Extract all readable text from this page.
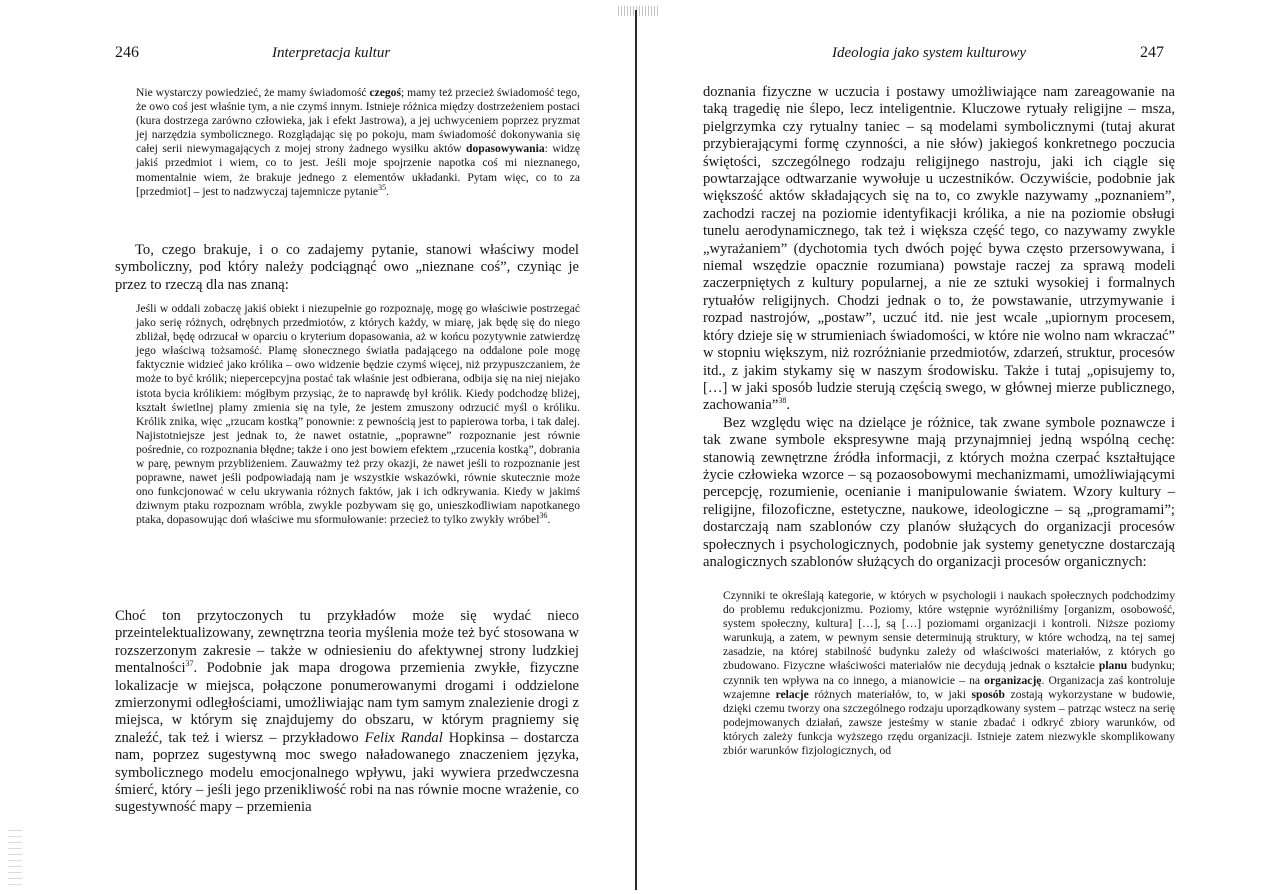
246	Interpretacja kultur

Nie wystarczy powiedzieć, że mamy świadomość czegoś; mamy też przecież świadomość tego, że owo coś jest właśnie tym, a nie czymś innym. Istnieje różnica między dostrzeżeniem postaci (kura dostrzega zarówno człowieka, jak i efekt Jastrowa), a jej uchwyceniem poprzez pryzmat jej narzędzia symbolicznego. Rozglądając się po pokoju, mam świadomość dokonywania się całej serii niewymagających z mojej strony żadnego wysiłku aktów dopasowywania: widzę jakiś przedmiot i wiem, co to jest. Jeśli moje spojrzenie napotka coś mi nieznanego, momentalnie wiem, że brakuje jednego z elementów układanki. Pytam więc, co to za [przedmiot] – jest to nadzwyczaj tajemnicze pytanie$^{35}$.

To, czego brakuje, i o co zadajemy pytanie, stanowi właściwy model symboliczny, pod który należy podciągnąć owo „nieznane coś”, czyniąc je przez to rzeczą dla nas znaną:

Jeśli w oddali zobaczę jakiś obiekt i niezupełnie go rozpoznaję, mogę go właściwie postrzegać jako serię różnych, odrębnych przedmiotów, z których każdy, w miarę, jak będę się do niego zbliżał, będę odrzucał w oparciu o kryterium dopasowania, aż w końcu pozytywnie zatwierdzę jego właściwą tożsamość. Plamę słonecznego światła padającego na oddalone pole mogę faktycznie widzieć jako królika – owo widzenie będzie czymś więcej, niż przypuszczaniem, że może to być królik; niepercepcyjna postać tak właśnie jest odbierana, odbija się na niej niejako istota bycia królikiem: mógłbym przysiąc, że to naprawdę był królik. Kiedy podchodzę bliżej, kształt świetlnej plamy zmienia się na tyle, że jestem zmuszony odrzucić myśl o króliku. Królik znika, więc „rzucam kostką” ponownie: z pewnością jest to papierowa torba, i tak dalej. Najistotniejsze jest jednak to, że nawet ostatnie, „poprawne” rozpoznanie jest równie pośrednie, co rozpoznania błędne; także i ono jest bowiem efektem „rzucenia kostką”, dobrania w parę, pewnym przybliżeniem. Zauważmy też przy okazji, że nawet jeśli to rozpoznanie jest poprawne, nawet jeśli podpowiadają nam je wszystkie wskazówki, równie skutecznie może ono funkcjonować w celu ukrywania różnych faktów, jak i ich odkrywania. Kiedy w jakimś dziwnym ptaku rozpoznam wróbla, zwykle pozbywam się go, unieszkodliwiam napotkanego ptaka, dopasowując doń właściwe mu sformułowanie: przecież to tylko zwykły wróbel$^{36}$.

Choć ton przytoczonych tu przykładów może się wydać nieco przeintelektualizowany, zewnętrzna teoria myślenia może też być stosowana w rozszerzonym zakresie – także w odniesieniu do afektywnej strony ludzkiej mentalności$^{37}$. Podobnie jak mapa drogowa przemienia zwykłe, fizyczne lokalizacje w miejsca, połączone ponumerowanymi drogami i oddzielone zmierzonymi odległościami, umożliwiając nam tym samym znalezienie drogi z miejsca, w którym się znajdujemy do obszaru, w którym pragniemy się znaleźć, tak też i wiersz – przykładowo Felix Randal Hopkinsa – dostarcza nam, poprzez sugestywną moc swego naładowanego znaczeniem języka, symbolicznego modelu emocjonalnego wpływu, jaki wywiera przedwczesna śmierć, który – jeśli jego przenikliwość robi na nas równie mocne wrażenie, co sugestywność mapy – przemienia

Ideologia jako system kulturowy	247

doznania fizyczne w uczucia i postawy umożliwiające nam zareagowanie na taką tragedię nie ślepo, lecz inteligentnie. Kluczowe rytuały religijne – msza, pielgrzymka czy rytualny taniec – są modelami symbolicznymi (tutaj akurat przybierającymi formę czynności, a nie słów) jakiegoś konkretnego poczucia świętości, szczególnego rodzaju religijnego nastroju, jaki ich ciągle się powtarzające odtwarzanie wywołuje u uczestników. Oczywiście, podobnie jak większość aktów składających się na to, co zwykle nazywamy „poznaniem”, zachodzi raczej na poziomie identyfikacji królika, a nie na poziomie obsługi tunelu aerodynamicznego, tak też i większa część tego, co nazywamy zwykle „wyrażaniem” (dychotomia tych dwóch pojęć bywa często przersowywana, i niemal wszędzie opacznie rozumiana) powstaje raczej za sprawą modeli zaczerpniętych z kultury popularnej, a nie ze sztuki wysokiej i formalnych rytuałów religijnych. Chodzi jednak o to, że powstawanie, utrzymywanie i rozpad nastrojów, „postaw”, uczuć itd. nie jest wcale „upiornym procesem, który dzieje się w strumieniach świadomości, w które nie wolno nam wkraczać” w stopniu większym, niż rozróżnianie przedmiotów, zdarzeń, struktur, procesów itd., z jakim stykamy się w naszym środowisku. Także i tutaj „opisujemy to, […] w jaki sposób ludzie sterują częścią swego, w głównej mierze publicznego, zachowania”$^{38}$.

Bez względu więc na dzielące je różnice, tak zwane symbole poznawcze i tak zwane symbole ekspresywne mają przynajmniej jedną wspólną cechę: stanowią zewnętrzne źródła informacji, z których można czerpać kształtujące życie człowieka wzorce – są pozaosobowymi mechanizmami, umożliwiającymi percepcję, rozumienie, ocenianie i manipulowanie światem. Wzory kultury – religijne, filozoficzne, estetyczne, naukowe, ideologiczne – są „programami”; dostarczają nam szablonów czy planów służących do organizacji procesów społecznych i psychologicznych, podobnie jak systemy genetyczne dostarczają analogicznych szablonów służących do organizacji procesów organicznych:

Czynniki te określają kategorie, w których w psychologii i naukach społecznych podchodzimy do problemu redukcjonizmu. Poziomy, które wstępnie wyróżniliśmy [organizm, osobowość, system społeczny, kultura] […], są […] poziomami organizacji i kontroli. Niższe poziomy warunkują, a zatem, w pewnym sensie determinują struktury, w które wchodzą, na tej samej zasadzie, na której stabilność budynku zależy od właściwości materiałów, z których go zbudowano. Fizyczne właściwości materiałów nie decydują jednak o kształcie planu budynku; czynnik ten wpływa na co innego, a mianowicie – na organizację. Organizacja zaś kontroluje wzajemne relacje różnych materiałów, to, w jaki sposób zostają wykorzystane w budowie, dzięki czemu tworzy ona szczególnego rodzaju uporządkowany system – patrząc wstecz na serię podejmowanych działań, zawsze jesteśmy w stanie zbadać i odkryć zbiory warunków, od których zależy funkcja wyższego rzędu organizacji. Istnieje zatem niezwykle skomplikowany zbiór warunków fizjologicznych, od
